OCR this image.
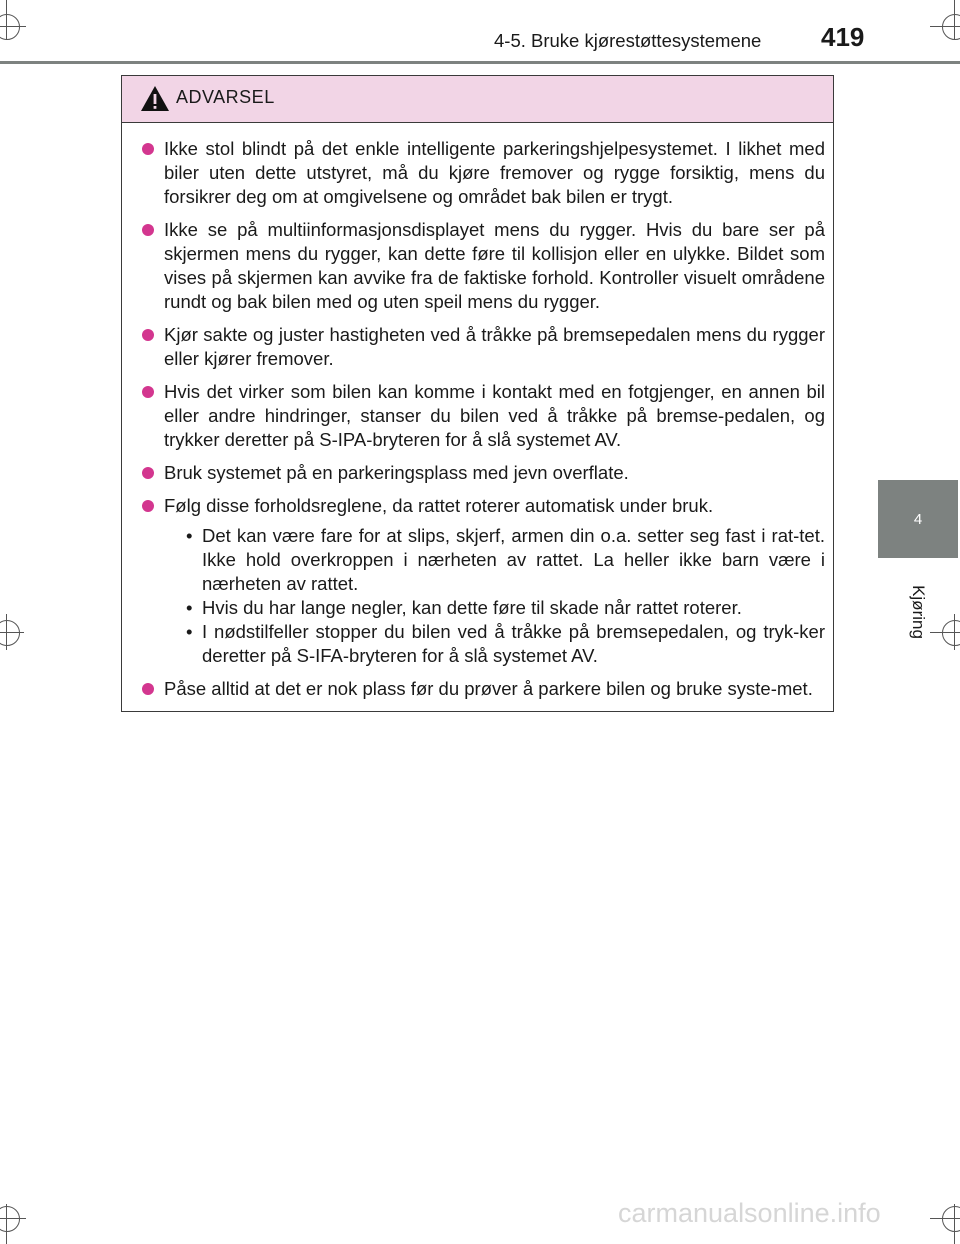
4-5. Bruke kjørestøttesystemene 419
4
Kjøring
ADVARSEL
Ikke stol blindt på det enkle intelligente parkeringshjelpesystemet. I likhet med biler uten dette utstyret, må du kjøre fremover og rygge forsiktig, mens du forsikrer deg om at omgivelsene og området bak bilen er trygt.
Ikke se på multiinformasjonsdisplayet mens du rygger. Hvis du bare ser på skjermen mens du rygger, kan dette føre til kollisjon eller en ulykke. Bildet som vises på skjermen kan avvike fra de faktiske forhold. Kontroller visuelt områdene rundt og bak bilen med og uten speil mens du rygger.
Kjør sakte og juster hastigheten ved å tråkke på bremsepedalen mens du rygger eller kjører fremover.
Hvis det virker som bilen kan komme i kontakt med en fotgjenger, en annen bil eller andre hindringer, stanser du bilen ved å tråkke på bremse-pedalen, og trykker deretter på S-IPA-bryteren for å slå systemet AV.
Bruk systemet på en parkeringsplass med jevn overflate.
Følg disse forholdsreglene, da rattet roterer automatisk under bruk.
• Det kan være fare for at slips, skjerf, armen din o.a. setter seg fast i rat-tet. Ikke hold overkroppen i nærheten av rattet. La heller ikke barn være i nærheten av rattet.
• Hvis du har lange negler, kan dette føre til skade når rattet roterer.
• I nødstilfeller stopper du bilen ved å tråkke på bremsepedalen, og tryk-ker deretter på S-IFA-bryteren for å slå systemet AV.
Påse alltid at det er nok plass før du prøver å parkere bilen og bruke syste-met.
carmanualsonline.info
